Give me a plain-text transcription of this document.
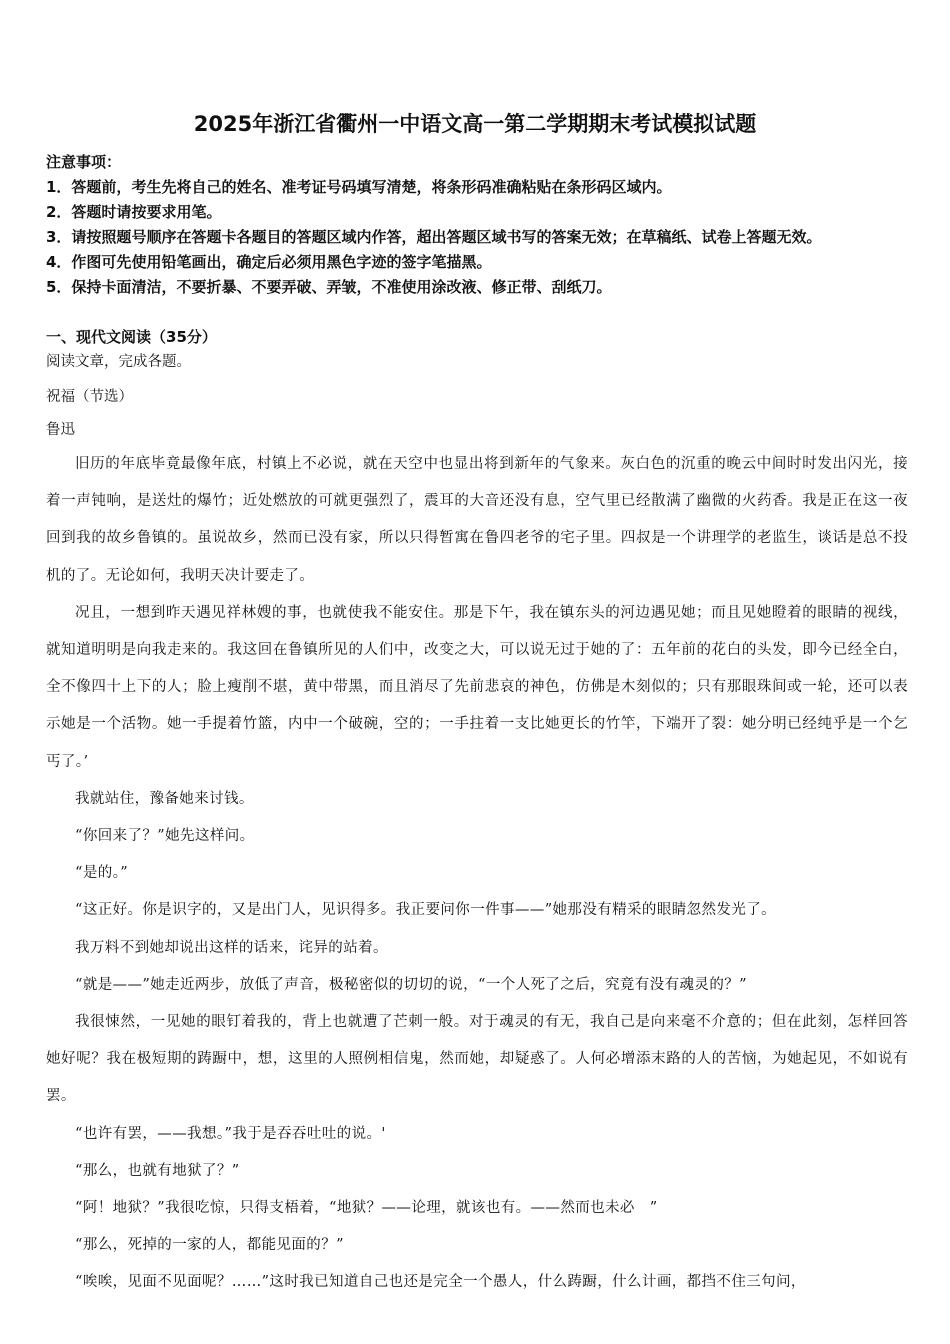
2025年浙江省衢州一中语文高一第二学期期末考试模拟试题
注意事项：
1．答题前，考生先将自己的姓名、准考证号码填写清楚，将条形码准确粘贴在条形码区域内。
2．答题时请按要求用笔。
3．请按照题号顺序在答题卡各题目的答题区域内作答，超出答题区域书写的答案无效；在草稿纸、试卷上答题无效。
4．作图可先使用铅笔画出，确定后必须用黑色字迹的签字笔描黑。
5．保持卡面清洁，不要折暴、不要弄破、弄皱，不准使用涂改液、修正带、刮纸刀。
一、现代文阅读（35分）
阅读文章，完成各题。
祝福（节选）
鲁迅

旧历的年底毕竟最像年底，村镇上不必说，就在天空中也显出将到新年的气象来。灰白色的沉重的晚云中间时时发出闪光，接着一声钝响，是送灶的爆竹；近处燃放的可就更强烈了，震耳的大音还没有息，空气里已经散满了幽微的火药香。我是正在这一夜回到我的故乡鲁镇的。虽说故乡，然而已没有家，所以只得暂寓在鲁四老爷的宅子里。四叔是一个讲理学的老监生，谈话是总不投机的了。无论如何，我明天决计要走了。

况且，一想到昨天遇见祥林嫂的事，也就使我不能安住。那是下午，我在镇东头的河边遇见她；而且见她瞪着的眼睛的视线，就知道明明是向我走来的。我这回在鲁镇所见的人们中，改变之大，可以说无过于她的了：五年前的花白的头发，即今已经全白，全不像四十上下的人；脸上瘦削不堪，黄中带黑，而且消尽了先前悲哀的神色，仿佛是木刻似的；只有那眼珠间或一轮，还可以表示她是一个活物。她一手提着竹篮，内中一个破碗，空的；一手拄着一支比她更长的竹竿，下端开了裂：她分明已经纯乎是一个乞丐了。’

我就站住，豫备她来讨钱。

“你回来了？”她先这样问。

“是的。”

“这正好。你是识字的，又是出门人，见识得多。我正要问你一件事——”她那没有精采的眼睛忽然发光了。

我万料不到她却说出这样的话来，诧异的站着。

“就是——”她走近两步，放低了声音，极秘密似的切切的说，“一个人死了之后，究竟有没有魂灵的？”

我很悚然，一见她的眼钉着我的，背上也就遭了芒刺一般。对于魂灵的有无，我自己是向来毫不介意的；但在此刻，怎样回答她好呢？我在极短期的踌蹰中，想，这里的人照例相信鬼，然而她，却疑惑了。人何必增添末路的人的苦恼，为她起见，不如说有罢。

“也许有罢，——我想。”我于是吞吞吐吐的说。'

“那么，也就有地狱了？”

“阿！地狱？”我很吃惊，只得支梧着，“地狱？——论理，就该也有。——然而也未必　”

“那么，死掉的一家的人，都能见面的？”

“唉唉，见面不见面呢？……”这时我已知道自己也还是完全一个愚人，什么踌蹰，什么计画，都挡不住三句问，
